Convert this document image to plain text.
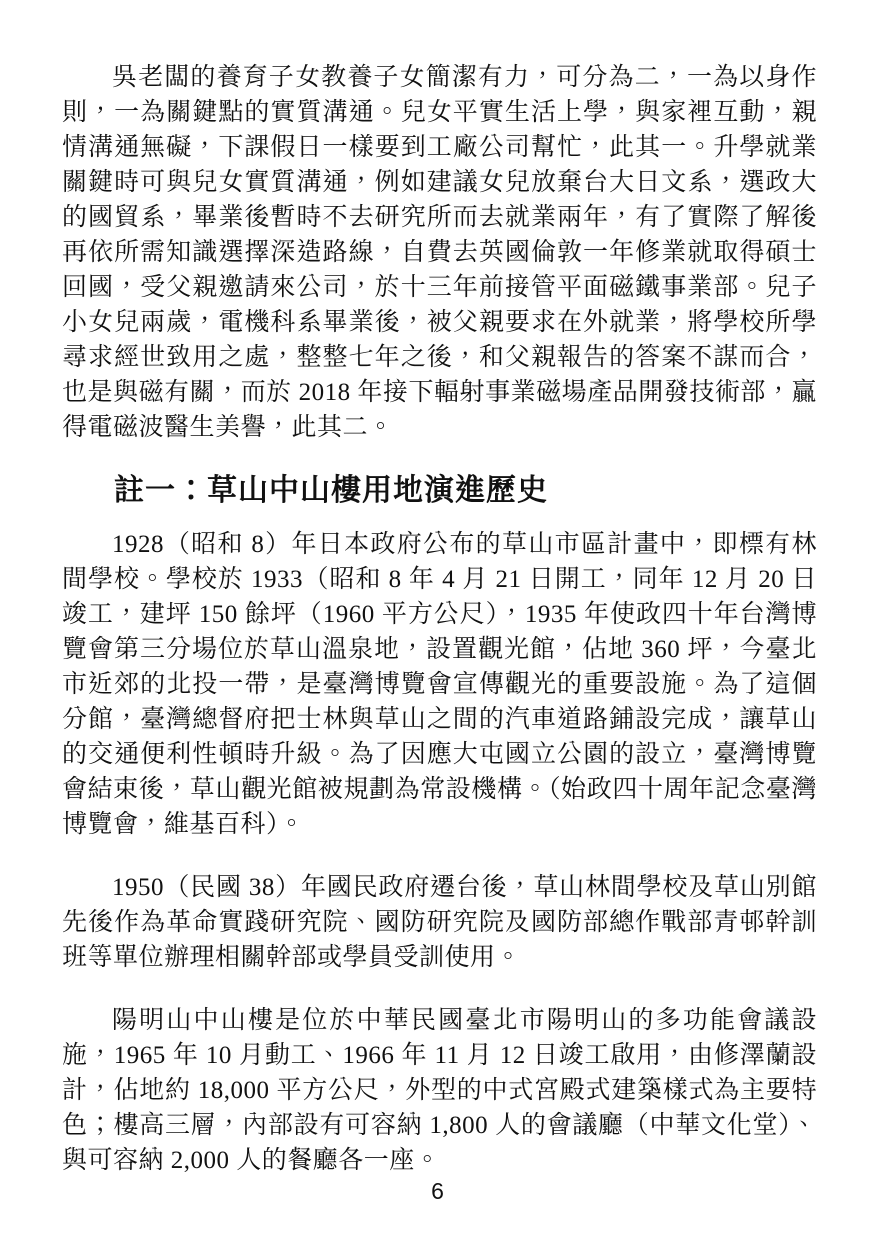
吳老闆的養育子女教養子女簡潔有力，可分為二，一為以身作則，一為關鍵點的實質溝通。兒女平實生活上學，與家裡互動，親情溝通無礙，下課假日一樣要到工廠公司幫忙，此其一。升學就業關鍵時可與兒女實質溝通，例如建議女兒放棄台大日文系，選政大的國貿系，畢業後暫時不去研究所而去就業兩年，有了實際了解後再依所需知識選擇深造路線，自費去英國倫敦一年修業就取得碩士回國，受父親邀請來公司，於十三年前接管平面磁鐵事業部。兒子小女兒兩歲，電機科系畢業後，被父親要求在外就業，將學校所學尋求經世致用之處，整整七年之後，和父親報告的答案不謀而合，也是與磁有關，而於 2018 年接下輻射事業磁場產品開發技術部，贏得電磁波醫生美譽，此其二。

註一：草山中山樓用地演進歷史

1928（昭和 8）年日本政府公布的草山市區計畫中，即標有林間學校。學校於 1933（昭和 8 年 4 月 21 日開工，同年 12 月 20 日竣工，建坪 150 餘坪（1960 平方公尺），1935 年使政四十年台灣博覽會第三分場位於草山溫泉地，設置觀光館，佔地 360 坪，今臺北市近郊的北投一帶，是臺灣博覽會宣傳觀光的重要設施。為了這個分館，臺灣總督府把士林與草山之間的汽車道路鋪設完成，讓草山的交通便利性頓時升級。為了因應大屯國立公園的設立，臺灣博覽會結束後，草山觀光館被規劃為常設機構。（始政四十周年記念臺灣博覽會，維基百科）。

1950（民國 38）年國民政府遷台後，草山林間學校及草山別館先後作為革命實踐研究院、國防研究院及國防部總作戰部青邨幹訓班等單位辦理相關幹部或學員受訓使用。

陽明山中山樓是位於中華民國臺北市陽明山的多功能會議設施，1965 年 10 月動工、1966 年 11 月 12 日竣工啟用，由修澤蘭設計，佔地約 18,000 平方公尺，外型的中式宮殿式建築樣式為主要特色；樓高三層，內部設有可容納 1,800 人的會議廳（中華文化堂）、與可容納 2,000 人的餐廳各一座。

6
